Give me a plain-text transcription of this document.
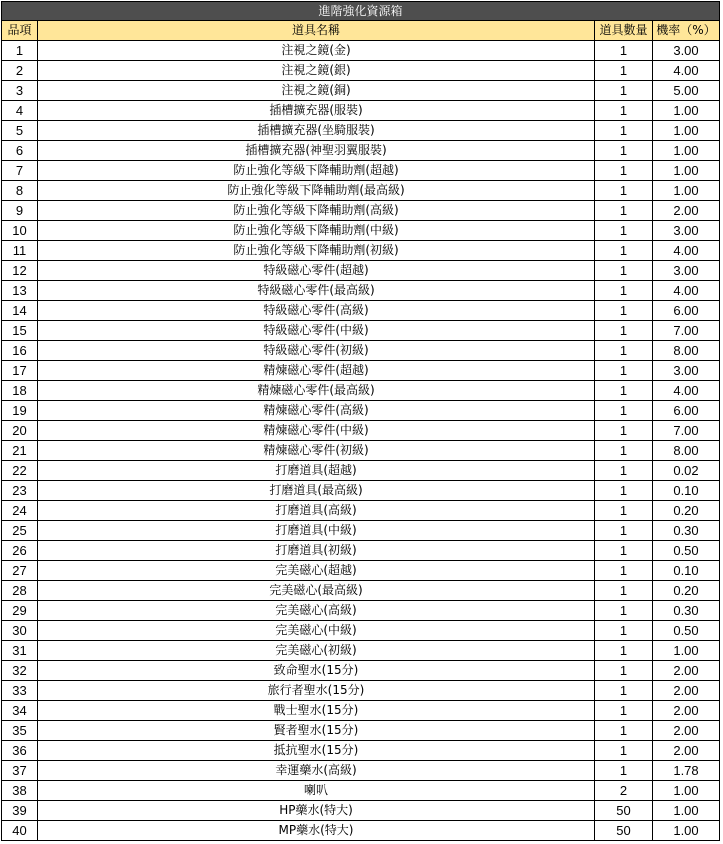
進階強化資源箱			
品項	道具名稱	道具數量	機率（%）
1	注視之鏡(金)	1	3.00
2	注視之鏡(銀)	1	4.00
3	注視之鏡(銅)	1	5.00
4	插槽擴充器(服裝)	1	1.00
5	插槽擴充器(坐騎服裝)	1	1.00
6	插槽擴充器(神聖羽翼服裝)	1	1.00
7	防止強化等級下降輔助劑(超越)	1	1.00
8	防止強化等級下降輔助劑(最高級)	1	1.00
9	防止強化等級下降輔助劑(高級)	1	2.00
10	防止強化等級下降輔助劑(中級)	1	3.00
11	防止強化等級下降輔助劑(初級)	1	4.00
12	特級磁心零件(超越)	1	3.00
13	特級磁心零件(最高級)	1	4.00
14	特級磁心零件(高級)	1	6.00
15	特級磁心零件(中級)	1	7.00
16	特級磁心零件(初級)	1	8.00
17	精煉磁心零件(超越)	1	3.00
18	精煉磁心零件(最高級)	1	4.00
19	精煉磁心零件(高級)	1	6.00
20	精煉磁心零件(中級)	1	7.00
21	精煉磁心零件(初級)	1	8.00
22	打磨道具(超越)	1	0.02
23	打磨道具(最高級)	1	0.10
24	打磨道具(高級)	1	0.20
25	打磨道具(中級)	1	0.30
26	打磨道具(初級)	1	0.50
27	完美磁心(超越)	1	0.10
28	完美磁心(最高級)	1	0.20
29	完美磁心(高級)	1	0.30
30	完美磁心(中級)	1	0.50
31	完美磁心(初級)	1	1.00
32	致命聖水(15分)	1	2.00
33	旅行者聖水(15分)	1	2.00
34	戰士聖水(15分)	1	2.00
35	賢者聖水(15分)	1	2.00
36	抵抗聖水(15分)	1	2.00
37	幸運藥水(高級)	1	1.78
38	喇叭	2	1.00
39	HP藥水(特大)	50	1.00
40	MP藥水(特大)	50	1.00
